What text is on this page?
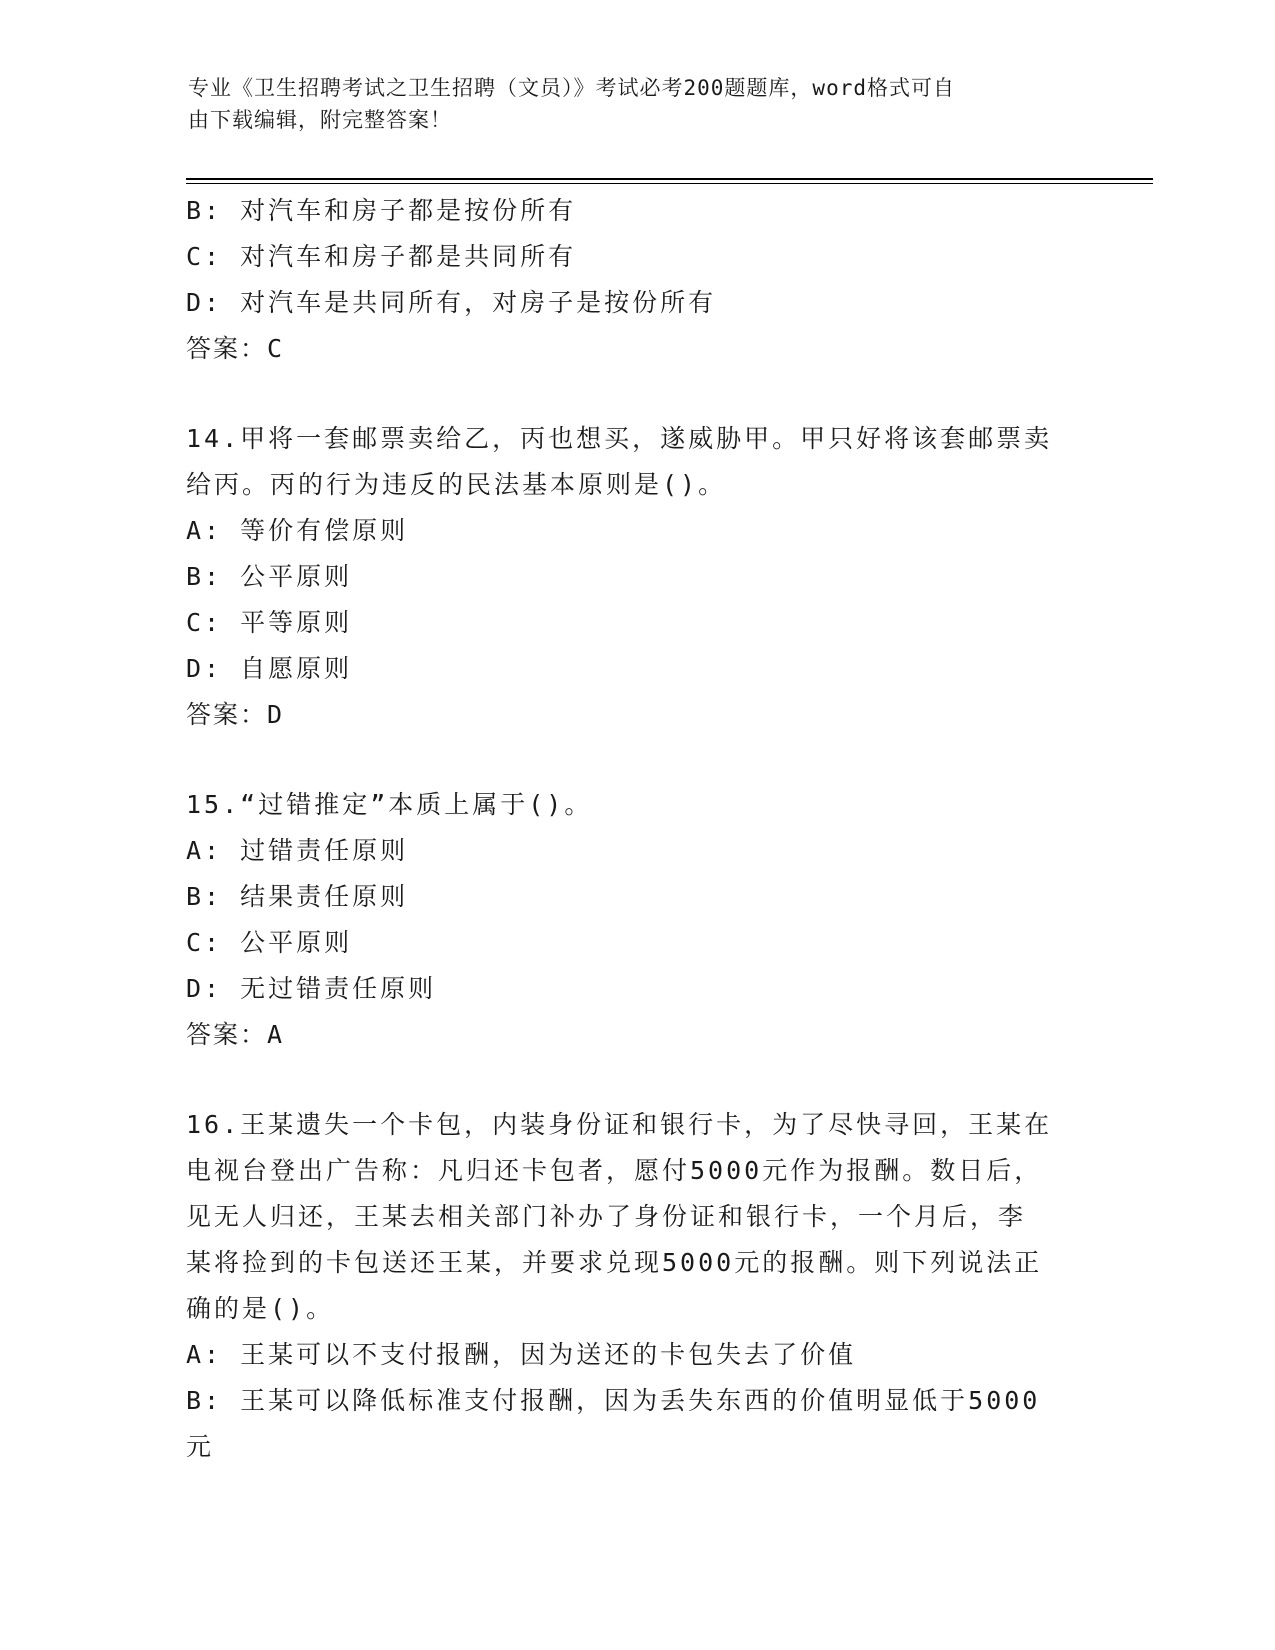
专业《卫生招聘考试之卫生招聘（文员）》考试必考200题题库，word格式可自
由下载编辑，附完整答案！
B: 对汽车和房子都是按份所有
C: 对汽车和房子都是共同所有
D: 对汽车是共同所有，对房子是按份所有
答案：C
14.甲将一套邮票卖给乙，丙也想买，遂威胁甲。甲只好将该套邮票卖
给丙。丙的行为违反的民法基本原则是()。
A: 等价有偿原则
B: 公平原则
C: 平等原则
D: 自愿原则
答案：D
15.“过错推定”本质上属于()。
A: 过错责任原则
B: 结果责任原则
C: 公平原则
D: 无过错责任原则
答案：A
16.王某遗失一个卡包，内装身份证和银行卡，为了尽快寻回，王某在
电视台登出广告称：凡归还卡包者，愿付5000元作为报酬。数日后，
见无人归还，王某去相关部门补办了身份证和银行卡，一个月后，李
某将捡到的卡包送还王某，并要求兑现5000元的报酬。则下列说法正
确的是()。
A: 王某可以不支付报酬，因为送还的卡包失去了价值
B: 王某可以降低标准支付报酬，因为丢失东西的价值明显低于5000
元
